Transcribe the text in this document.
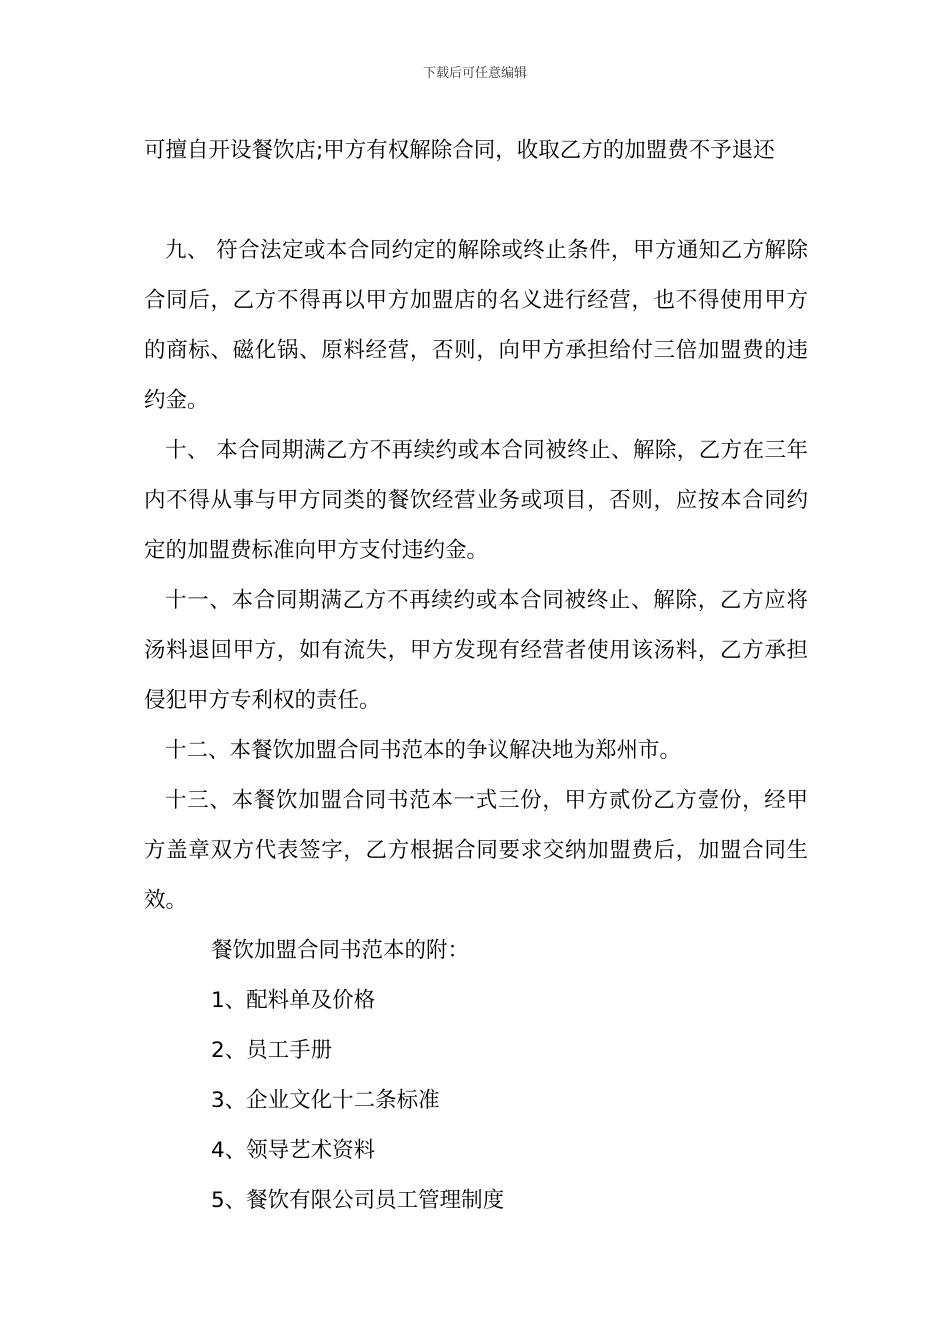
下载后可任意编辑

可擅自开设餐饮店;甲方有权解除合同，收取乙方的加盟费不予退还

九、 符合法定或本合同约定的解除或终止条件，甲方通知乙方解除合同后，乙方不得再以甲方加盟店的名义进行经营，也不得使用甲方的商标、磁化锅、原料经营，否则，向甲方承担给付三倍加盟费的违约金。

十、 本合同期满乙方不再续约或本合同被终止、解除，乙方在三年内不得从事与甲方同类的餐饮经营业务或项目，否则，应按本合同约定的加盟费标准向甲方支付违约金。

十一、本合同期满乙方不再续约或本合同被终止、解除，乙方应将汤料退回甲方，如有流失，甲方发现有经营者使用该汤料，乙方承担侵犯甲方专利权的责任。

十二、本餐饮加盟合同书范本的争议解决地为郑州市。

十三、本餐饮加盟合同书范本一式三份，甲方贰份乙方壹份，经甲方盖章双方代表签字，乙方根据合同要求交纳加盟费后，加盟合同生效。

餐饮加盟合同书范本的附：

1、配料单及价格

2、员工手册

3、企业文化十二条标准

4、领导艺术资料

5、餐饮有限公司员工管理制度
